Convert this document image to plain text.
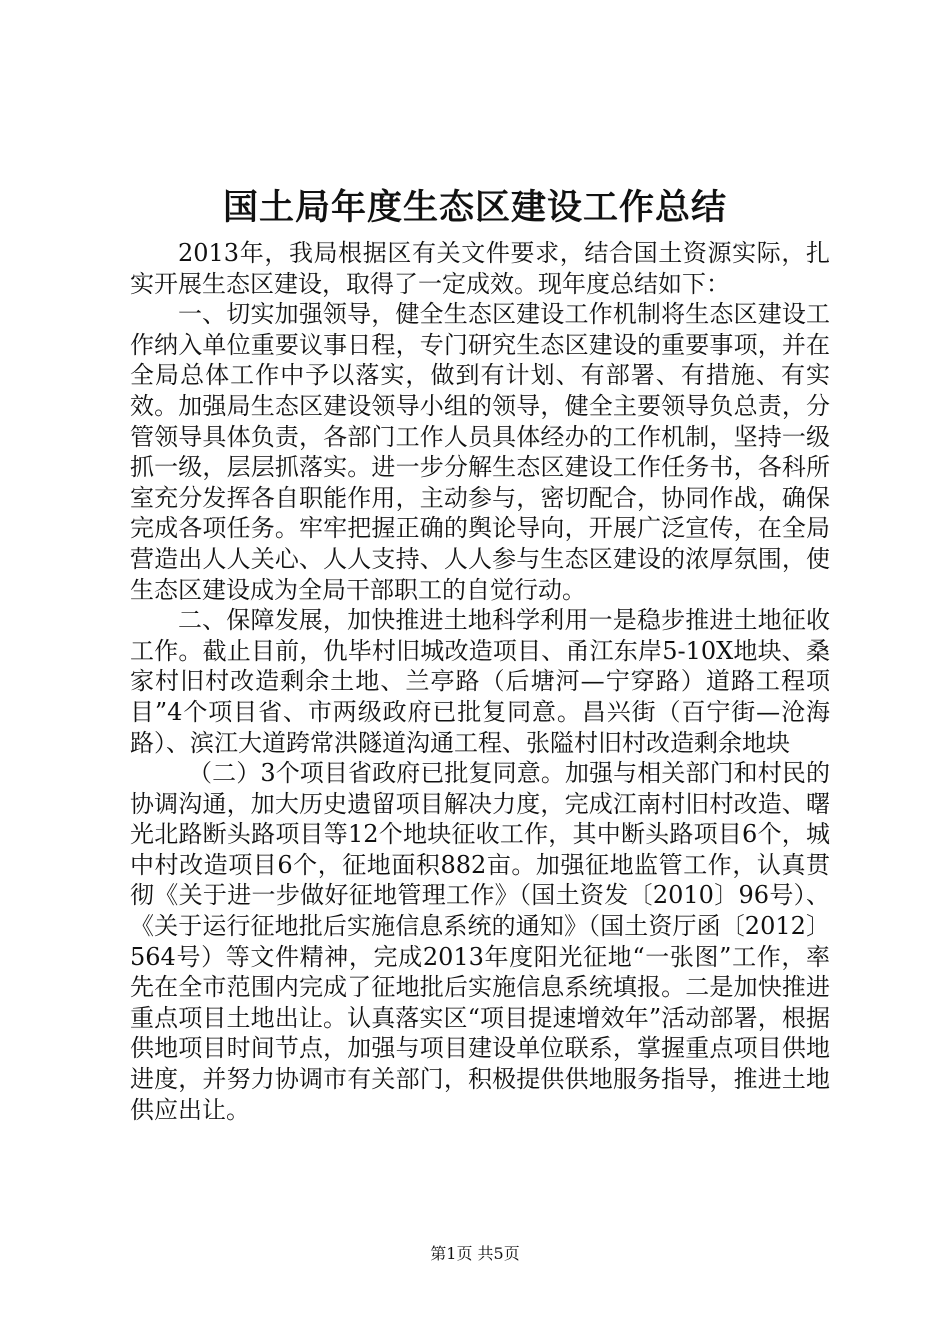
国土局年度生态区建设工作总结

2013年，我局根据区有关文件要求，结合国土资源实际，扎实开展生态区建设，取得了一定成效。现年度总结如下：

一、切实加强领导，健全生态区建设工作机制将生态区建设工作纳入单位重要议事日程，专门研究生态区建设的重要事项，并在全局总体工作中予以落实，做到有计划、有部署、有措施、有实效。加强局生态区建设领导小组的领导，健全主要领导负总责，分管领导具体负责，各部门工作人员具体经办的工作机制，坚持一级抓一级，层层抓落实。进一步分解生态区建设工作任务书，各科所室充分发挥各自职能作用，主动参与，密切配合，协同作战，确保完成各项任务。牢牢把握正确的舆论导向，开展广泛宣传，在全局营造出人人关心、人人支持、人人参与生态区建设的浓厚氛围，使生态区建设成为全局干部职工的自觉行动。

二、保障发展，加快推进土地科学利用一是稳步推进土地征收工作。截止目前，仇毕村旧城改造项目、甬江东岸5-10X地块、桑家村旧村改造剩余土地、兰亭路（后塘河—宁穿路）道路工程项目”4个项目省、市两级政府已批复同意。昌兴街（百宁街—沧海路）、滨江大道跨常洪隧道沟通工程、张隘村旧村改造剩余地块

（二）3个项目省政府已批复同意。加强与相关部门和村民的协调沟通，加大历史遗留项目解决力度，完成江南村旧村改造、曙光北路断头路项目等12个地块征收工作，其中断头路项目6个，城中村改造项目6个，征地面积882亩。加强征地监管工作，认真贯彻《关于进一步做好征地管理工作》（国土资发〔2010〕96号）、《关于运行征地批后实施信息系统的通知》（国土资厅函〔2012〕564号）等文件精神，完成2013年度阳光征地“一张图”工作，率先在全市范围内完成了征地批后实施信息系统填报。二是加快推进重点项目土地出让。认真落实区“项目提速增效年”活动部署，根据供地项目时间节点，加强与项目建设单位联系，掌握重点项目供地进度，并努力协调市有关部门，积极提供供地服务指导，推进土地供应出让。

第1页 共5页
